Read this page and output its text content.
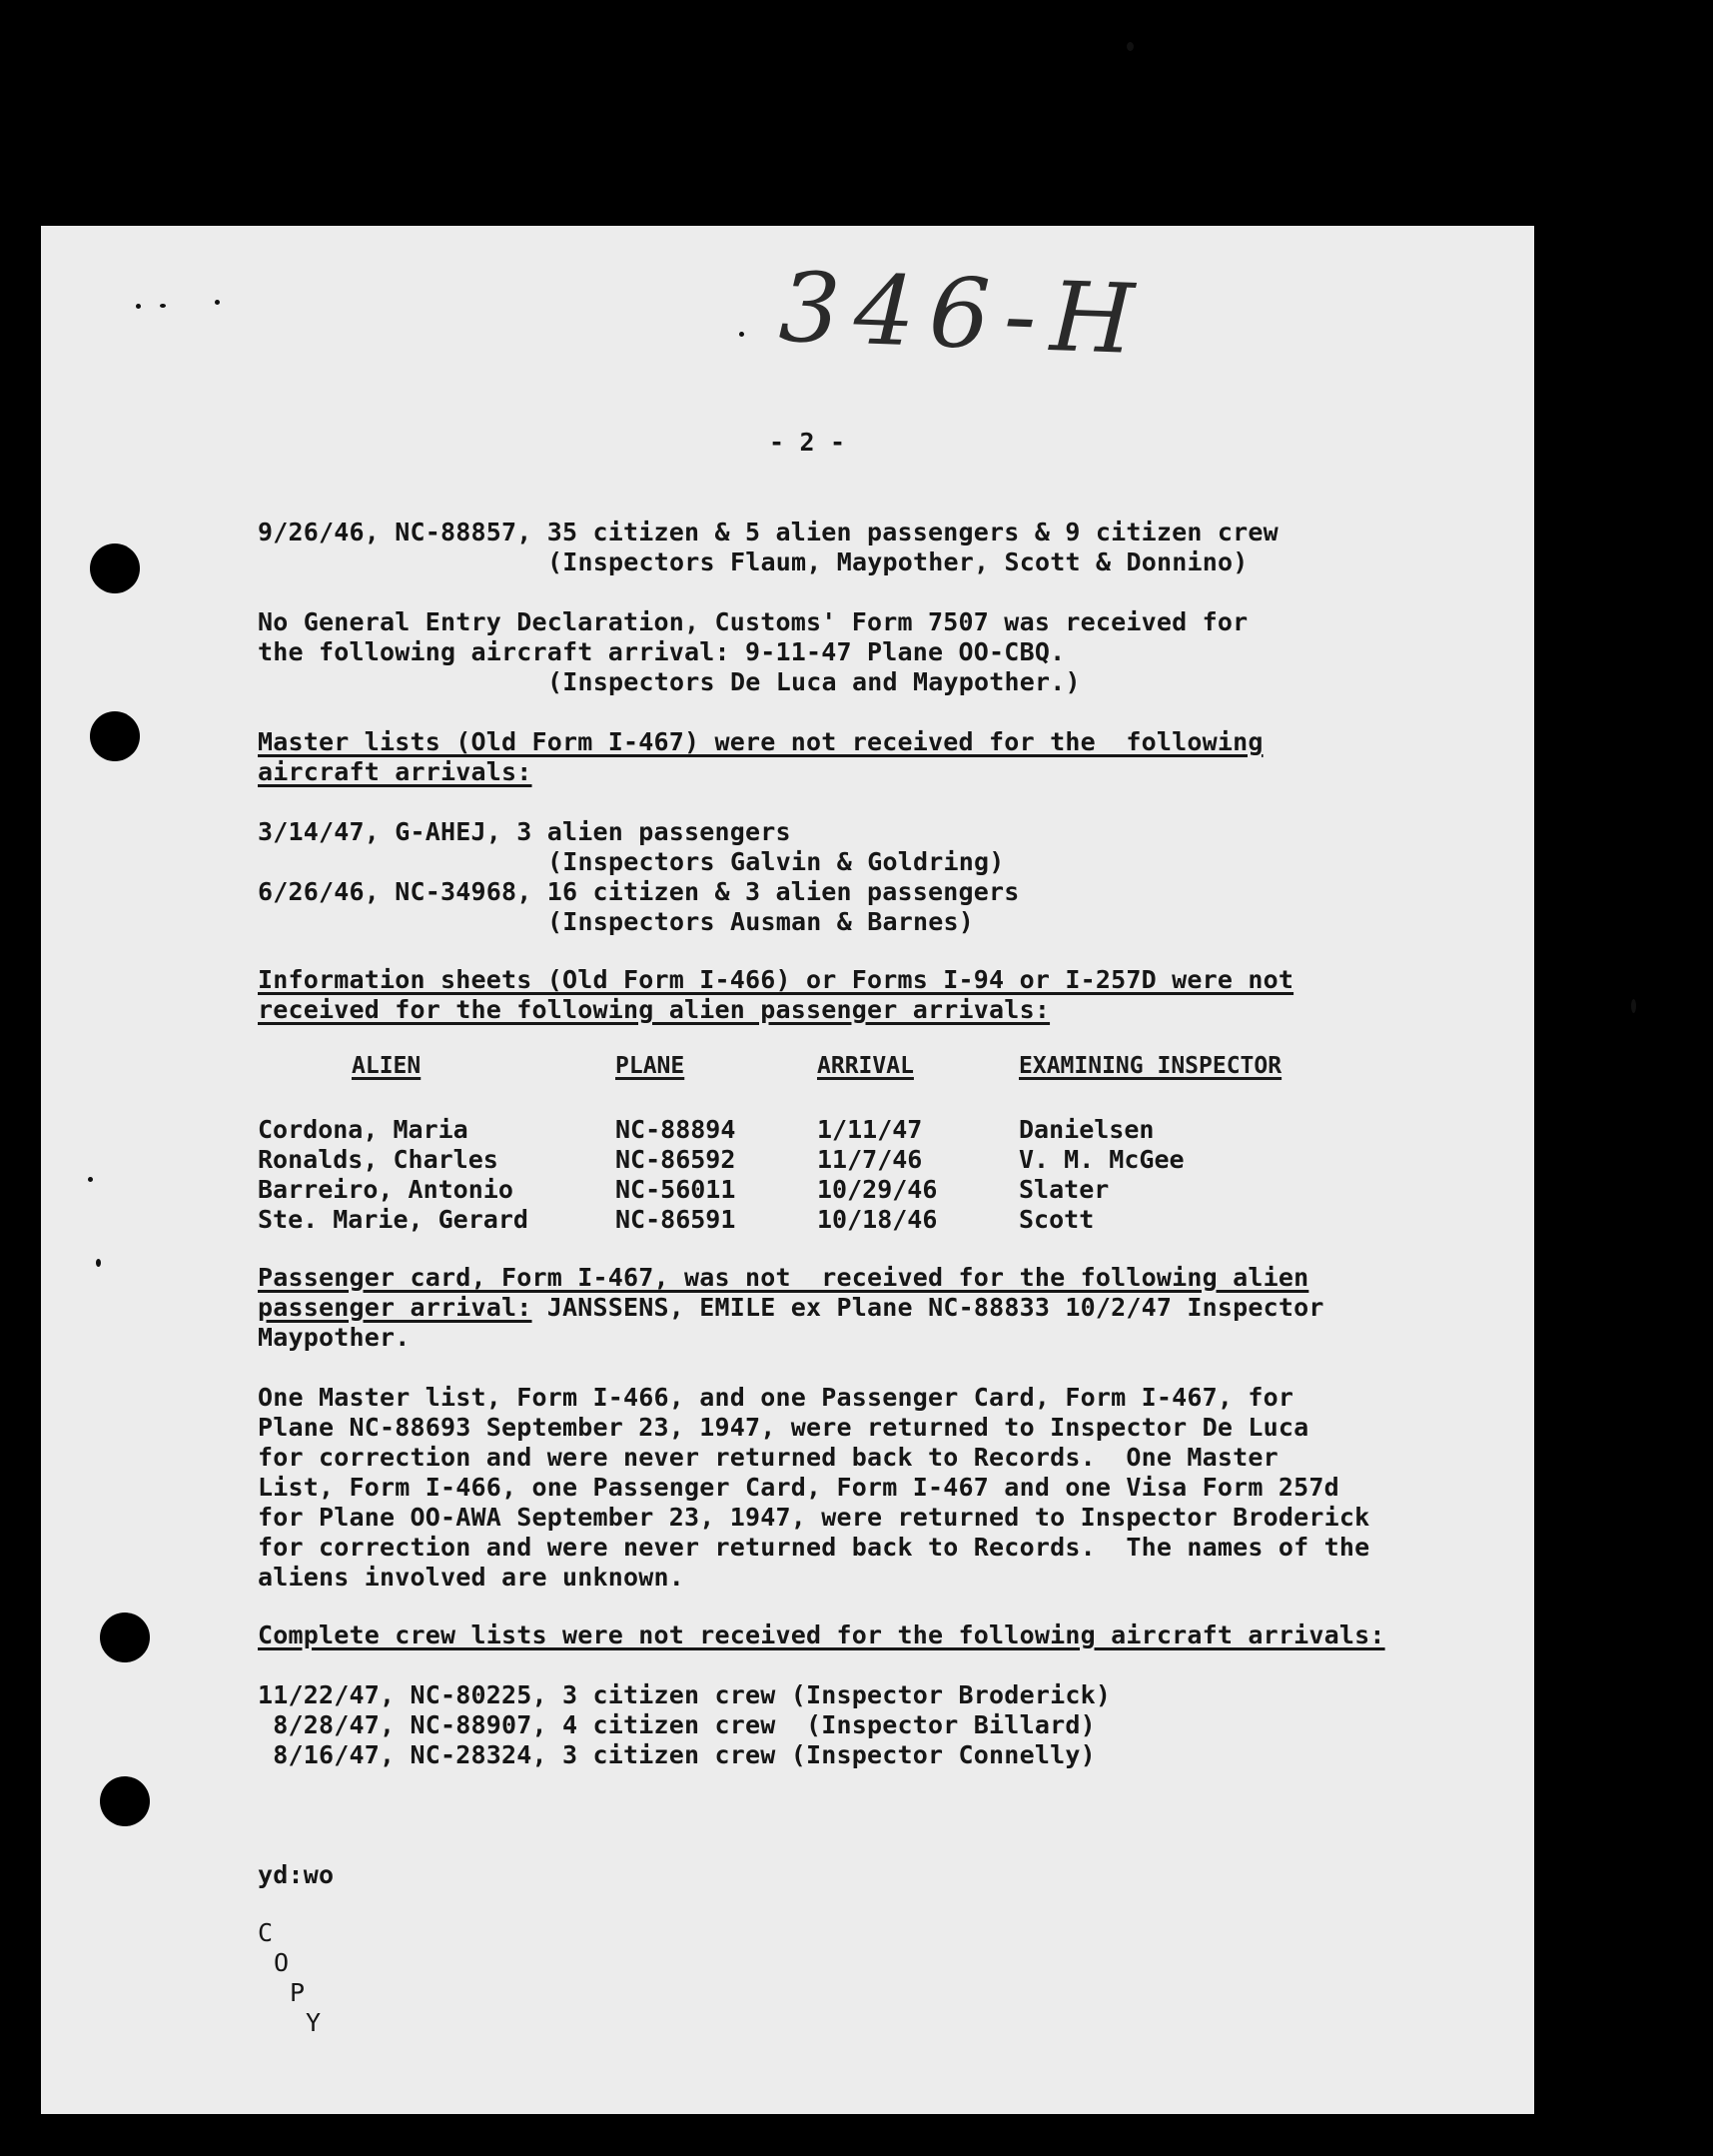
346-H
- 2 -
9/26/46, NC-88857, 35 citizen & 5 alien passengers & 9 citizen crew
(Inspectors Flaum, Maypother, Scott & Donnino)
No General Entry Declaration, Customs' Form 7507 was received for
the following aircraft arrival: 9-11-47 Plane OO-CBQ.
(Inspectors De Luca and Maypother.)
Master lists (Old Form I-467) were not received for the  following
aircraft arrivals:
3/14/47, G-AHEJ, 3 alien passengers
(Inspectors Galvin & Goldring)
6/26/46, NC-34968, 16 citizen & 3 alien passengers
(Inspectors Ausman & Barnes)
Information sheets (Old Form I-466) or Forms I-94 or I-257D were not
received for the following alien passenger arrivals:
ALIEN	PLANE	ARRIVAL	EXAMINING INSPECTOR
Cordona, Maria	NC-88894	1/11/47	Danielsen
Ronalds, Charles	NC-86592	11/7/46	V. M. McGee
Barreiro, Antonio	NC-56011	10/29/46	Slater
Ste. Marie, Gerard	NC-86591	10/18/46	Scott
Passenger card, Form I-467, was not  received for the following alien
passenger arrival: JANSSENS, EMILE ex Plane NC-88833 10/2/47 Inspector
Maypother.
One Master list, Form I-466, and one Passenger Card, Form I-467, for
Plane NC-88693 September 23, 1947, were returned to Inspector De Luca
for correction and were never returned back to Records.  One Master
List, Form I-466, one Passenger Card, Form I-467 and one Visa Form 257d
for Plane OO-AWA September 23, 1947, were returned to Inspector Broderick
for correction and were never returned back to Records.  The names of the
aliens involved are unknown.
Complete crew lists were not received for the following aircraft arrivals:
11/22/47, NC-80225, 3 citizen crew (Inspector Broderick)
8/28/47, NC-88907, 4 citizen crew  (Inspector Billard)
8/16/47, NC-28324, 3 citizen crew (Inspector Connelly)
yd:wo
C
O
P
Y
